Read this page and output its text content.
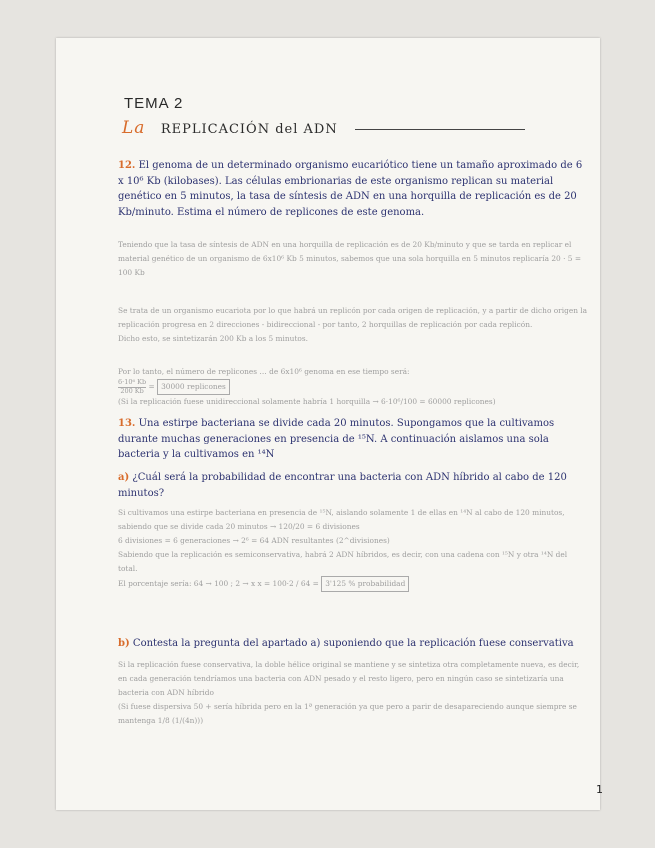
TEMA 2
La REPLICACIÓN del ADN
12. El genoma de un determinado organismo eucariótico tiene un tamaño aproximado de 6 x 10⁶ Kb (kilobases). Las células embrionarias de este organismo replican su material genético en 5 minutos, la tasa de síntesis de ADN en una horquilla de replicación es de 20 Kb/minuto. Estima el número de replicones de este genoma.
Teniendo que la tasa de síntesis de ADN en una horquilla de replicación es de 20 Kb/minuto y que se tarda en replicar el material genético de un organismo de 6x10⁶ Kb 5 minutos, sabemos que una sola horquilla en 5 minutos replicaría 20 · 5 = 100 Kb
Se trata de un organismo eucariota por lo que habrá un replicón por cada origen de replicación, y a partir de dicho origen la replicación progresa en 2 direcciones - bidireccional - por tanto, 2 horquillas de replicación por cada replicón.
Dicho esto, se sintetizarán 200 Kb a los 5 minutos.
Por lo tanto, el número de replicones … de 6x10⁶ genoma en ese tiempo será:

$\frac{\text{6·10⁶ Kb}}{200 Kb} = 30000$ replicones
(Si la replicación fuese unidireccional solamente habría 1 horquilla → 6·10⁶/100 = 60000 replicones)
13. Una estirpe bacteriana se divide cada 20 minutos. Supongamos que la cultivamos durante muchas generaciones en presencia de ¹⁵N. A continuación aislamos una sola bacteria y la cultivamos en ¹⁴N
a) ¿Cuál será la probabilidad de encontrar una bacteria con ADN híbrido al cabo de 120 minutos?
Si cultivamos una estirpe bacteriana en presencia de ¹⁵N, aislando solamente 1 de ellas en ¹⁴N al cabo de 120 minutos, sabiendo que se divide cada 20 minutos → 120/20 = 6 divisiones
6 divisiones = 6 generaciones → 2⁶ = 64 ADN resultantes (2^divisiones)
Sabiendo que la replicación es semiconservativa, habrá 2 ADN híbridos, es decir, con una cadena con ¹⁵N y otra ¹⁴N del total.
El porcentaje sería: 64 → 100 ; 2 → x x = 100·2 / 64 = 3'125 % probabilidad
b) Contesta la pregunta del apartado a) suponiendo que la replicación fuese conservativa
Si la replicación fuese conservativa, la doble hélice original se mantiene y se sintetiza otra completamente nueva, es decir, en cada generación tendríamos una bacteria con ADN pesado y el resto ligero, pero en ningún caso se sintetizaría una bacteria con ADN híbrido
(Si fuese dispersiva 50 + sería híbrida pero en la 1ª generación ya que pero a parir de desapareciendo aunque siempre se mantenga 1/8 (1/(4n)))
1
